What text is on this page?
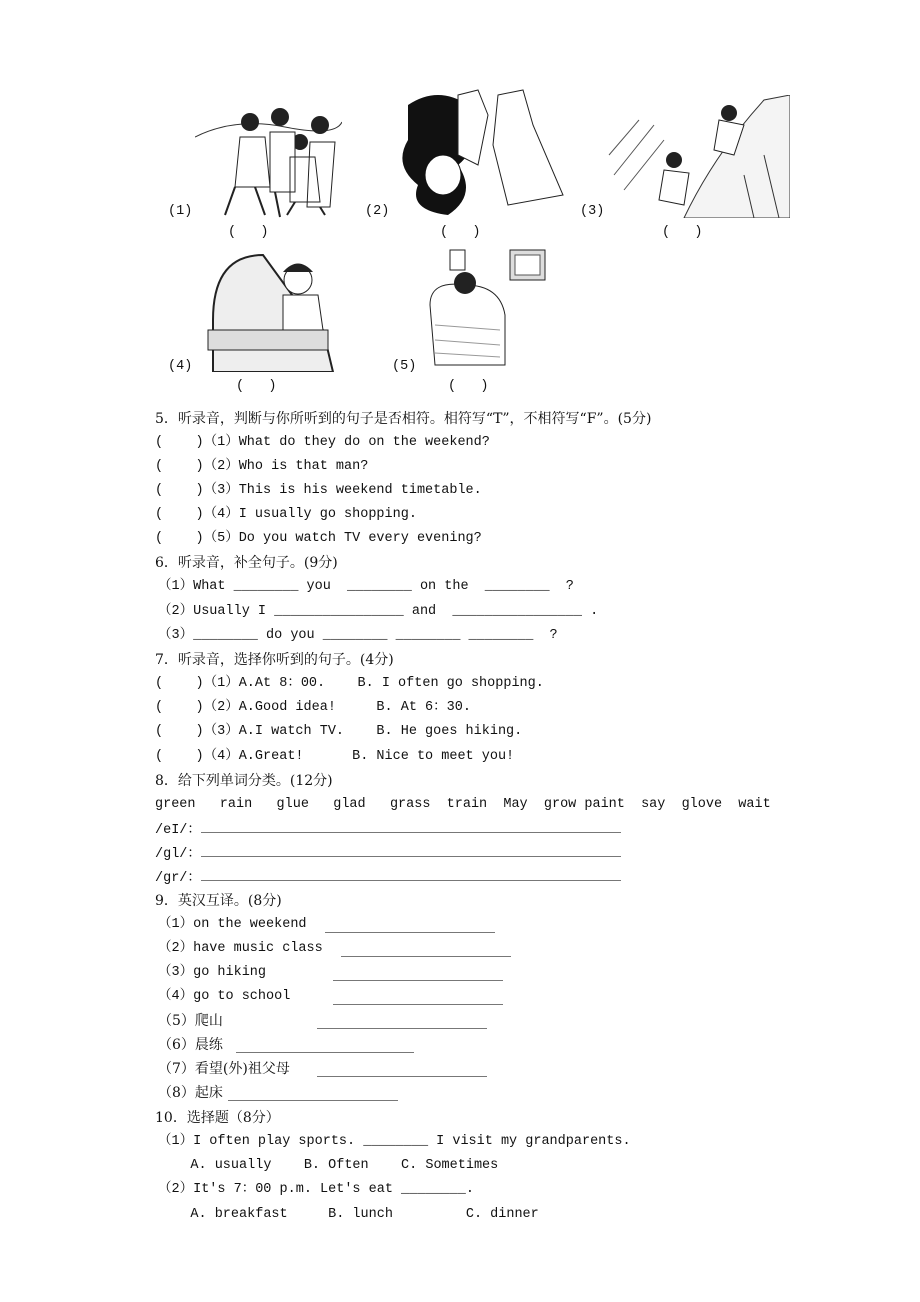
(1)
(   )
(2)
(   )
(3)
(   )
(4)
(   )
(5)
(   )
5．听录音，判断与你所听到的句子是否相符。相符写“T”，不相符写“F”。(5分)
(    )（1）What do they do on the weekend?
(    )（2）Who is that man?
(    )（3）This is his weekend timetable.
(    )（4）I usually go shopping.
(    )（5）Do you watch TV every evening?
6．听录音，补全句子。(9分)
（1）What ________ you  ________ on the  ________  ?
（2）Usually I ________________ and  ________________ .
（3）________ do you ________ ________ ________  ?
7．听录音，选择你听到的句子。(4分)
(    )（1）A.At 8：00.    B. I often go shopping.
(    )（2）A.Good idea!     B. At 6：30.
(    )（3）A.I watch TV.    B. He goes hiking.
(    )（4）A.Great!      B. Nice to meet you!
8．给下列单词分类。(12分)
green   rain   glue   glad   grass  train  May  grow paint  say  glove  wait
/eI/：
/gl/：
/gr/：
9．英汉互译。(8分)
（1）on the weekend
（2）have music class
（3）go hiking
（4）go to school
（5）爬山
（6）晨练
（7）看望(外)祖父母
（8）起床
10．选择题（8分）
（1）I often play sports. ________ I visit my grandparents.
A. usually    B. Often    C. Sometimes
（2）It's 7：00 p.m. Let's eat ________.
A. breakfast     B. lunch         C. dinner
